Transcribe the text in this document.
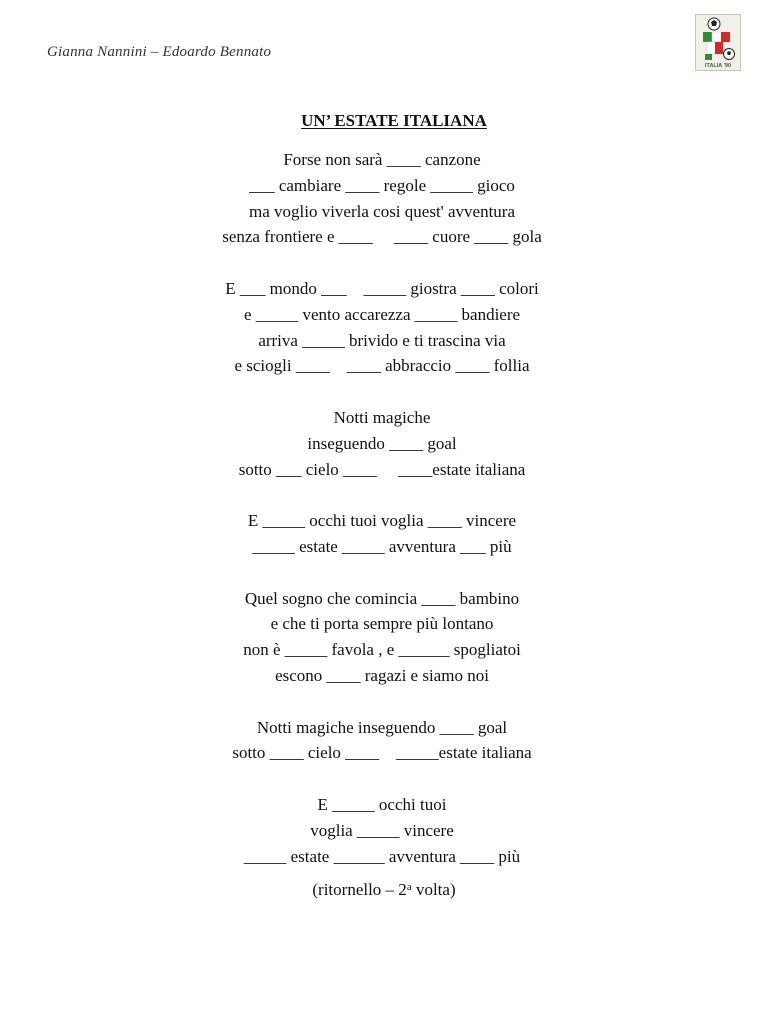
Gianna Nannini – Edoardo Bennato
ITALIA '90
UN’ ESTATE ITALIANA
Forse non sarà ____ canzone
___ cambiare ____ regole _____ gioco
ma voglio viverla cosi quest' avventura
senza frontiere e ____     ____ cuore ____ gola
E ___ mondo ___    _____ giostra ____ colori
e _____ vento accarezza _____ bandiere
arriva _____ brivido e ti trascina via
e sciogli ____    ____ abbraccio ____ follia
Notti magiche
inseguendo ____ goal
sotto ___ cielo ____     ____estate italiana
E _____ occhi tuoi voglia ____ vincere
_____ estate _____ avventura ___ più
Quel sogno che comincia ____ bambino
e che ti porta sempre più lontano
non è _____ favola , e ______ spogliatoi
escono ____ ragazi e siamo noi
Notti magiche inseguendo ____ goal
sotto ____ cielo ____    _____estate italiana
E _____ occhi tuoi
voglia _____ vincere
_____ estate ______ avventura ____ più
(ritornello – 2$^a$ volta)
